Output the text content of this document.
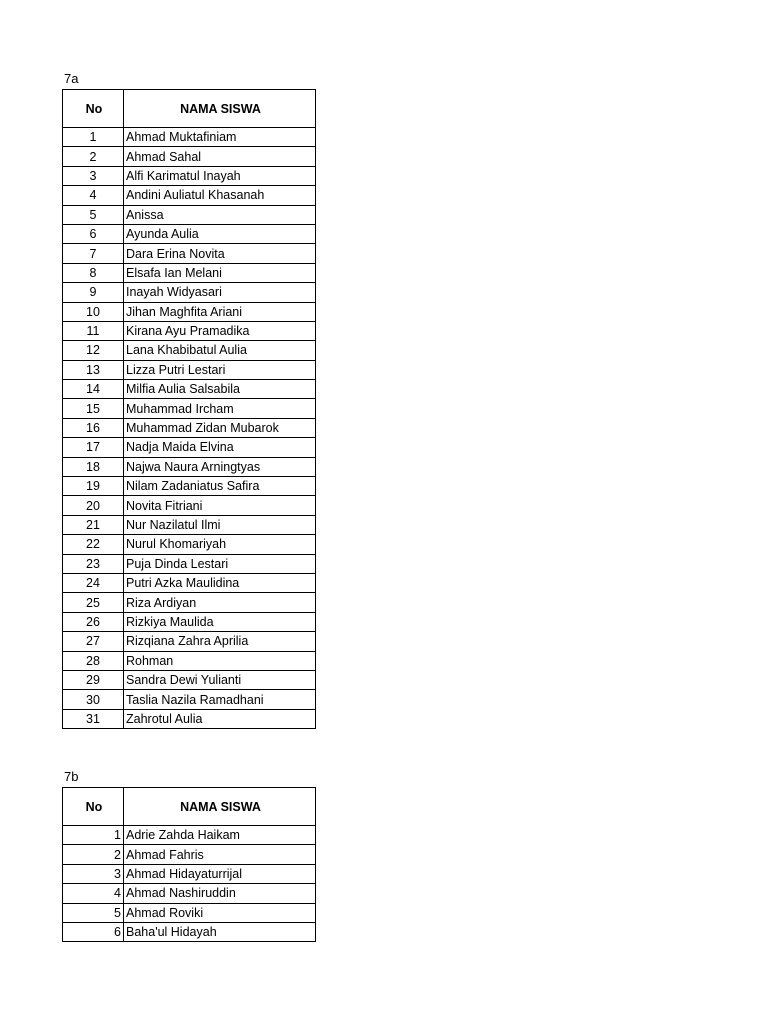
7a
No	NAMA SISWA
1	Ahmad Muktafiniam
2	Ahmad Sahal
3	Alfi Karimatul Inayah
4	Andini Auliatul Khasanah
5	Anissa
6	Ayunda Aulia
7	Dara Erina Novita
8	Elsafa Ian Melani
9	Inayah Widyasari
10	Jihan Maghfita Ariani
11	Kirana Ayu Pramadika
12	Lana Khabibatul Aulia
13	Lizza Putri Lestari
14	Milfia Aulia Salsabila
15	Muhammad Ircham
16	Muhammad Zidan Mubarok
17	Nadja Maida Elvina
18	Najwa Naura Arningtyas
19	Nilam Zadaniatus Safira
20	Novita Fitriani
21	Nur Nazilatul Ilmi
22	Nurul Khomariyah
23	Puja Dinda Lestari
24	Putri Azka Maulidina
25	Riza Ardiyan
26	Rizkiya Maulida
27	Rizqiana Zahra Aprilia
28	Rohman
29	Sandra Dewi Yulianti
30	Taslia Nazila Ramadhani
31	Zahrotul Aulia
7b
No	NAMA SISWA
1	Adrie Zahda Haikam
2	Ahmad Fahris
3	Ahmad Hidayaturrijal
4	Ahmad Nashiruddin
5	Ahmad Roviki
6	Baha'ul Hidayah
